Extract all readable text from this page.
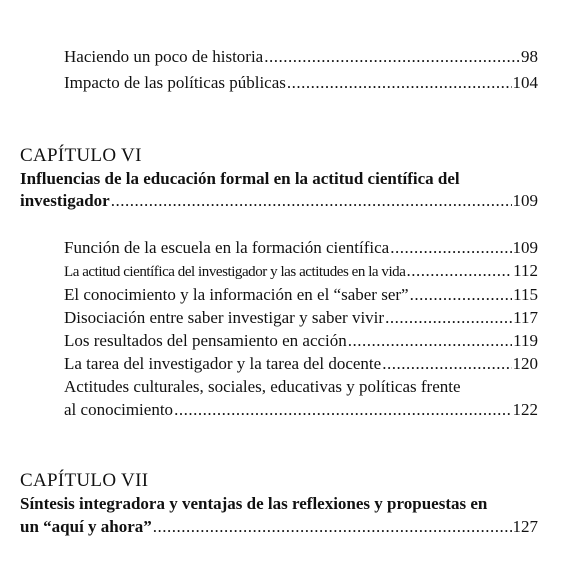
Haciendo un poco de historia .....	98
Impacto de las políticas públicas .....	104
CAPÍTULO VI
Influencias de la educación formal en la actitud científica del
investigador .....	109
Función de la escuela en la formación científica .....	109
La actitud científica del investigador y las actitudes en la vida .....	112
El conocimiento y la información en el “saber ser” .....	115
Disociación entre saber investigar y saber vivir .....	117
Los resultados del pensamiento en acción .....	119
La tarea del investigador y la tarea del docente .....	120
Actitudes culturales, sociales, educativas y políticas frente
al conocimiento .....	122
CAPÍTULO VII
Síntesis integradora y ventajas de las reflexiones y propuestas en
un “aquí y ahora” .....	127
